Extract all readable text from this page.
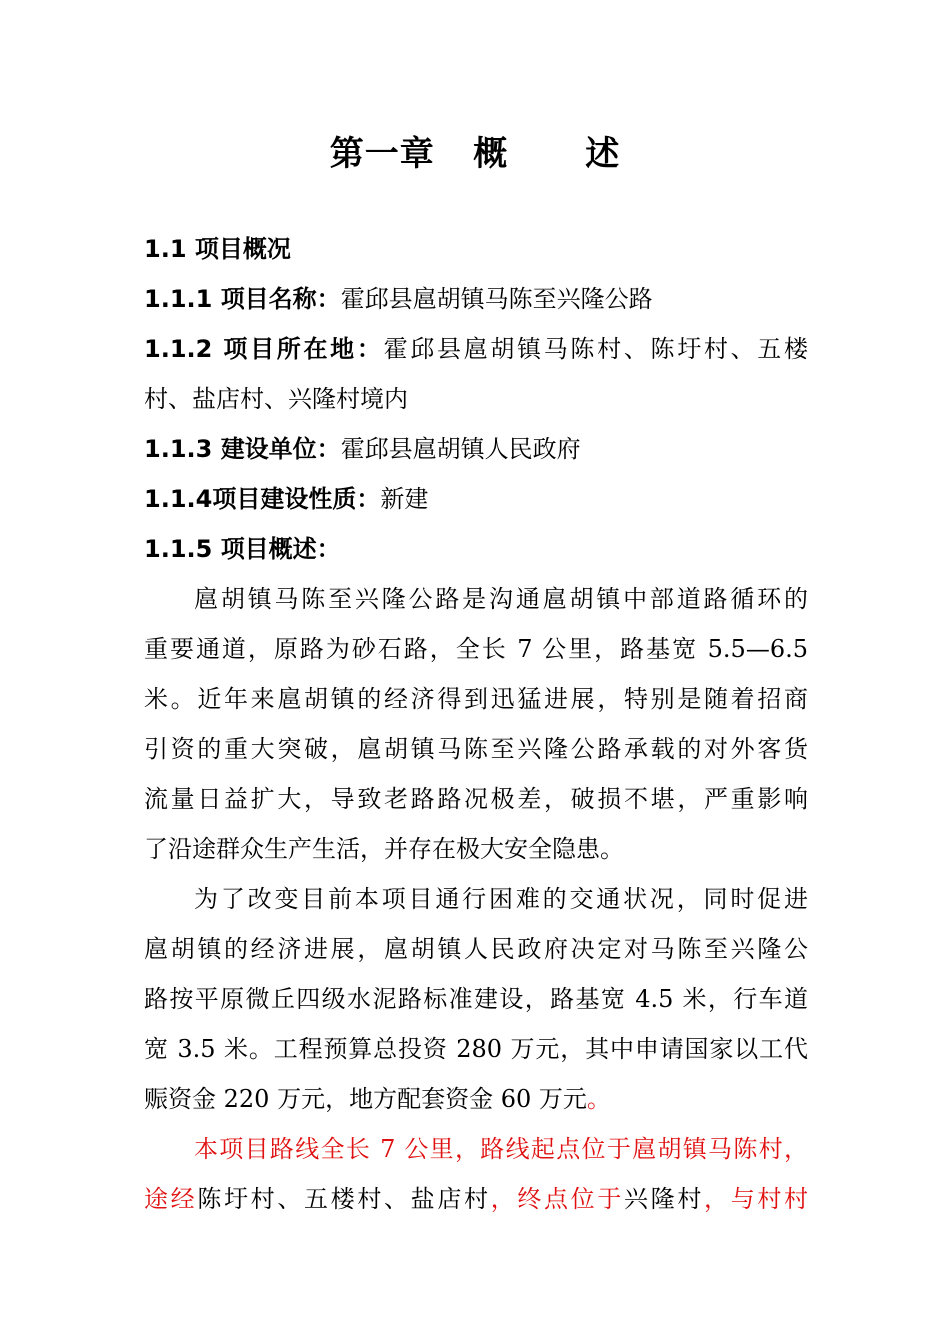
第一章   概      述
1.1 项目概况
1.1.1 项目名称：霍邱县扈胡镇马陈至兴隆公路
1.1.2 项目所在地：霍邱县扈胡镇马陈村、陈圩村、五楼
村、盐店村、兴隆村境内
1.1.3 建设单位：霍邱县扈胡镇人民政府
1.1.4项目建设性质：新建
1.1.5 项目概述：
扈胡镇马陈至兴隆公路是沟通扈胡镇中部道路循环的
重要通道，原路为砂石路，全长 7 公里，路基宽 5.5—6.5
米。近年来扈胡镇的经济得到迅猛进展，特别是随着招商
引资的重大突破，扈胡镇马陈至兴隆公路承载的对外客货
流量日益扩大，导致老路路况极差，破损不堪，严重影响
了沿途群众生产生活，并存在极大安全隐患。
为了改变目前本项目通行困难的交通状况，同时促进
扈胡镇的经济进展，扈胡镇人民政府决定对马陈至兴隆公
路按平原微丘四级水泥路标准建设，路基宽 4.5 米，行车道
宽 3.5 米。工程预算总投资 280 万元，其中申请国家以工代
赈资金 220 万元，地方配套资金 60 万元。
本项目路线全长 7 公里，路线起点位于扈胡镇马陈村，
途经陈圩村、五楼村、盐店村，终点位于兴隆村，与村村
